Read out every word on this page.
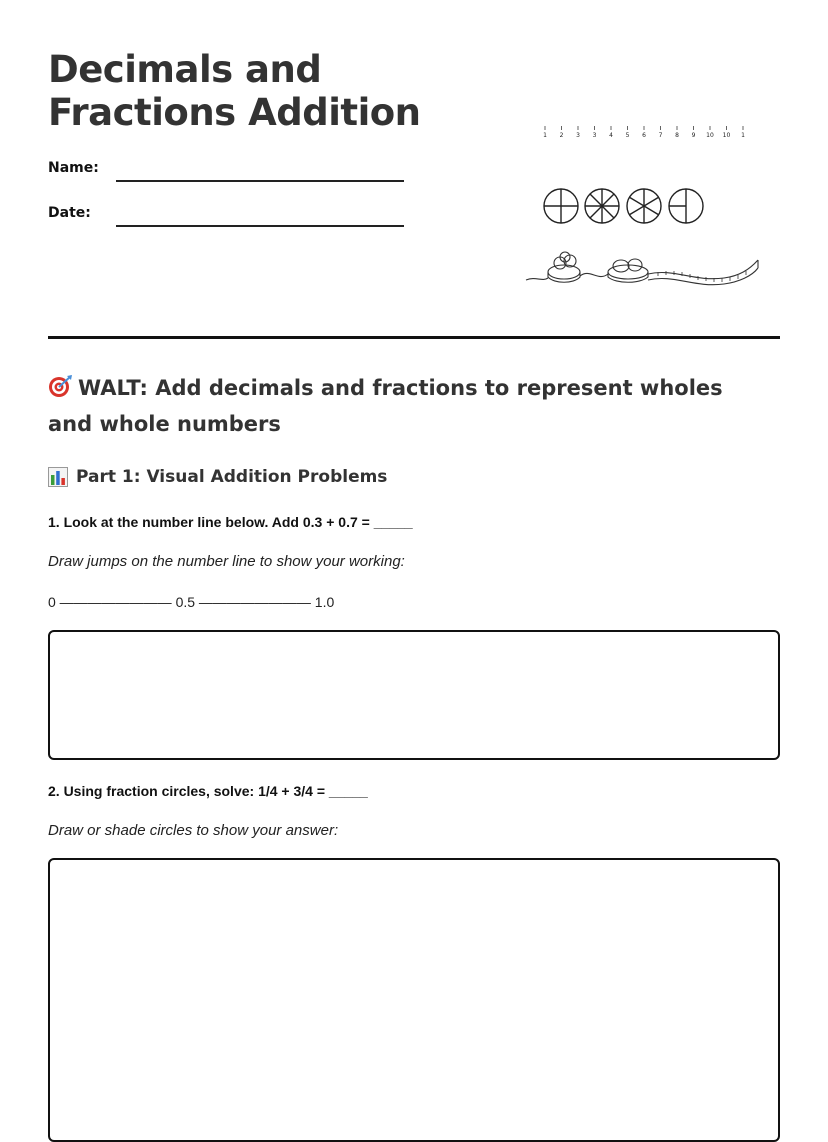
Decimals and Fractions Addition
Name:
Date:
1 2 3 3 4 5 6 7 8 9 10 10 1
WALT: Add decimals and fractions to represent wholes and whole numbers
Part 1: Visual Addition Problems
1. Look at the number line below. Add 0.3 + 0.7 = _____
Draw jumps on the number line to show your working:
0 ———————— 0.5 ———————— 1.0
2. Using fraction circles, solve: 1/4 + 3/4 = _____
Draw or shade circles to show your answer:
